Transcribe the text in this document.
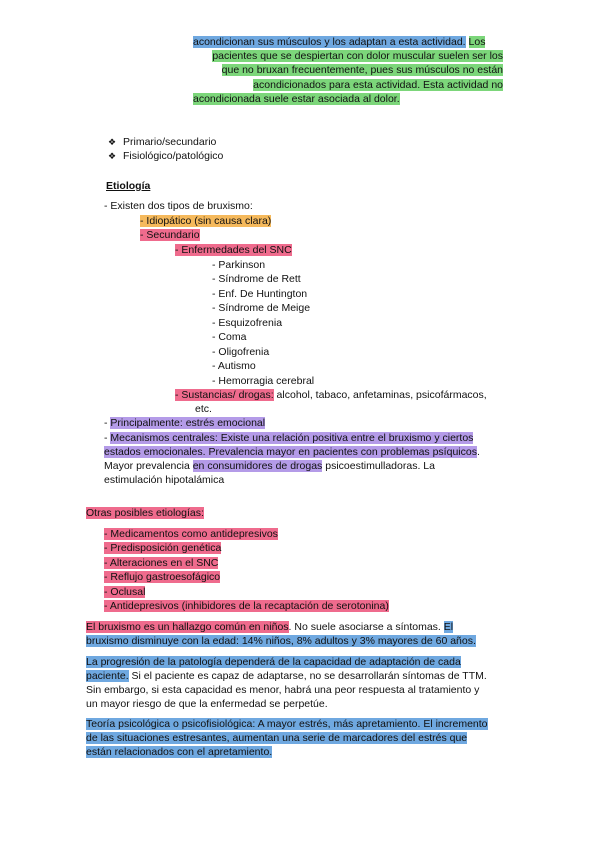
acondicionan sus músculos y los adaptan a esta actividad. Los
pacientes que se despiertan con dolor muscular suelen ser los
que no bruxan frecuentemente, pues sus músculos no están
acondicionados para esta actividad. Esta actividad no
acondicionada suele estar asociada al dolor.
❖ Primario/secundario
❖ Fisiológico/patológico
Etiología
- Existen dos tipos de bruxismo:
- Idiopático (sin causa clara)
- Secundario
- Enfermedades del SNC
- Parkinson
- Síndrome de Rett
- Enf. De Huntington
- Síndrome de Meige
- Esquizofrenia
- Coma
- Oligofrenia
- Autismo
- Hemorragia cerebral
- Sustancias/ drogas: alcohol, tabaco, anfetaminas, psicofármacos,
etc.
- Principalmente: estrés emocional
- Mecanismos centrales: Existe una relación positiva entre el bruxismo y ciertos
estados emocionales. Prevalencia mayor en pacientes con problemas psíquicos.
Mayor prevalencia en consumidores de drogas psicoestimulladoras. La
estimulación hipotalámica
Otras posibles etiologías:
- Medicamentos como antidepresivos
- Predisposición genética
- Alteraciones en el SNC
- Reflujo gastroesofágico
- Oclusal
- Antidepresivos (inhibidores de la recaptación de serotonina)
El bruxismo es un hallazgo común en niños. No suele asociarse a síntomas. El
bruxismo disminuye con la edad: 14% niños, 8% adultos y 3% mayores de 60 años.
La progresión de la patología dependerá de la capacidad de adaptación de cada
paciente. Si el paciente es capaz de adaptarse, no se desarrollarán síntomas de TTM.
Sin embargo, si esta capacidad es menor, habrá una peor respuesta al tratamiento y
un mayor riesgo de que la enfermedad se perpetúe.
Teoría psicológica o psicofisiológica: A mayor estrés, más apretamiento. El incremento
de las situaciones estresantes, aumentan una serie de marcadores del estrés que
están relacionados con el apretamiento.
